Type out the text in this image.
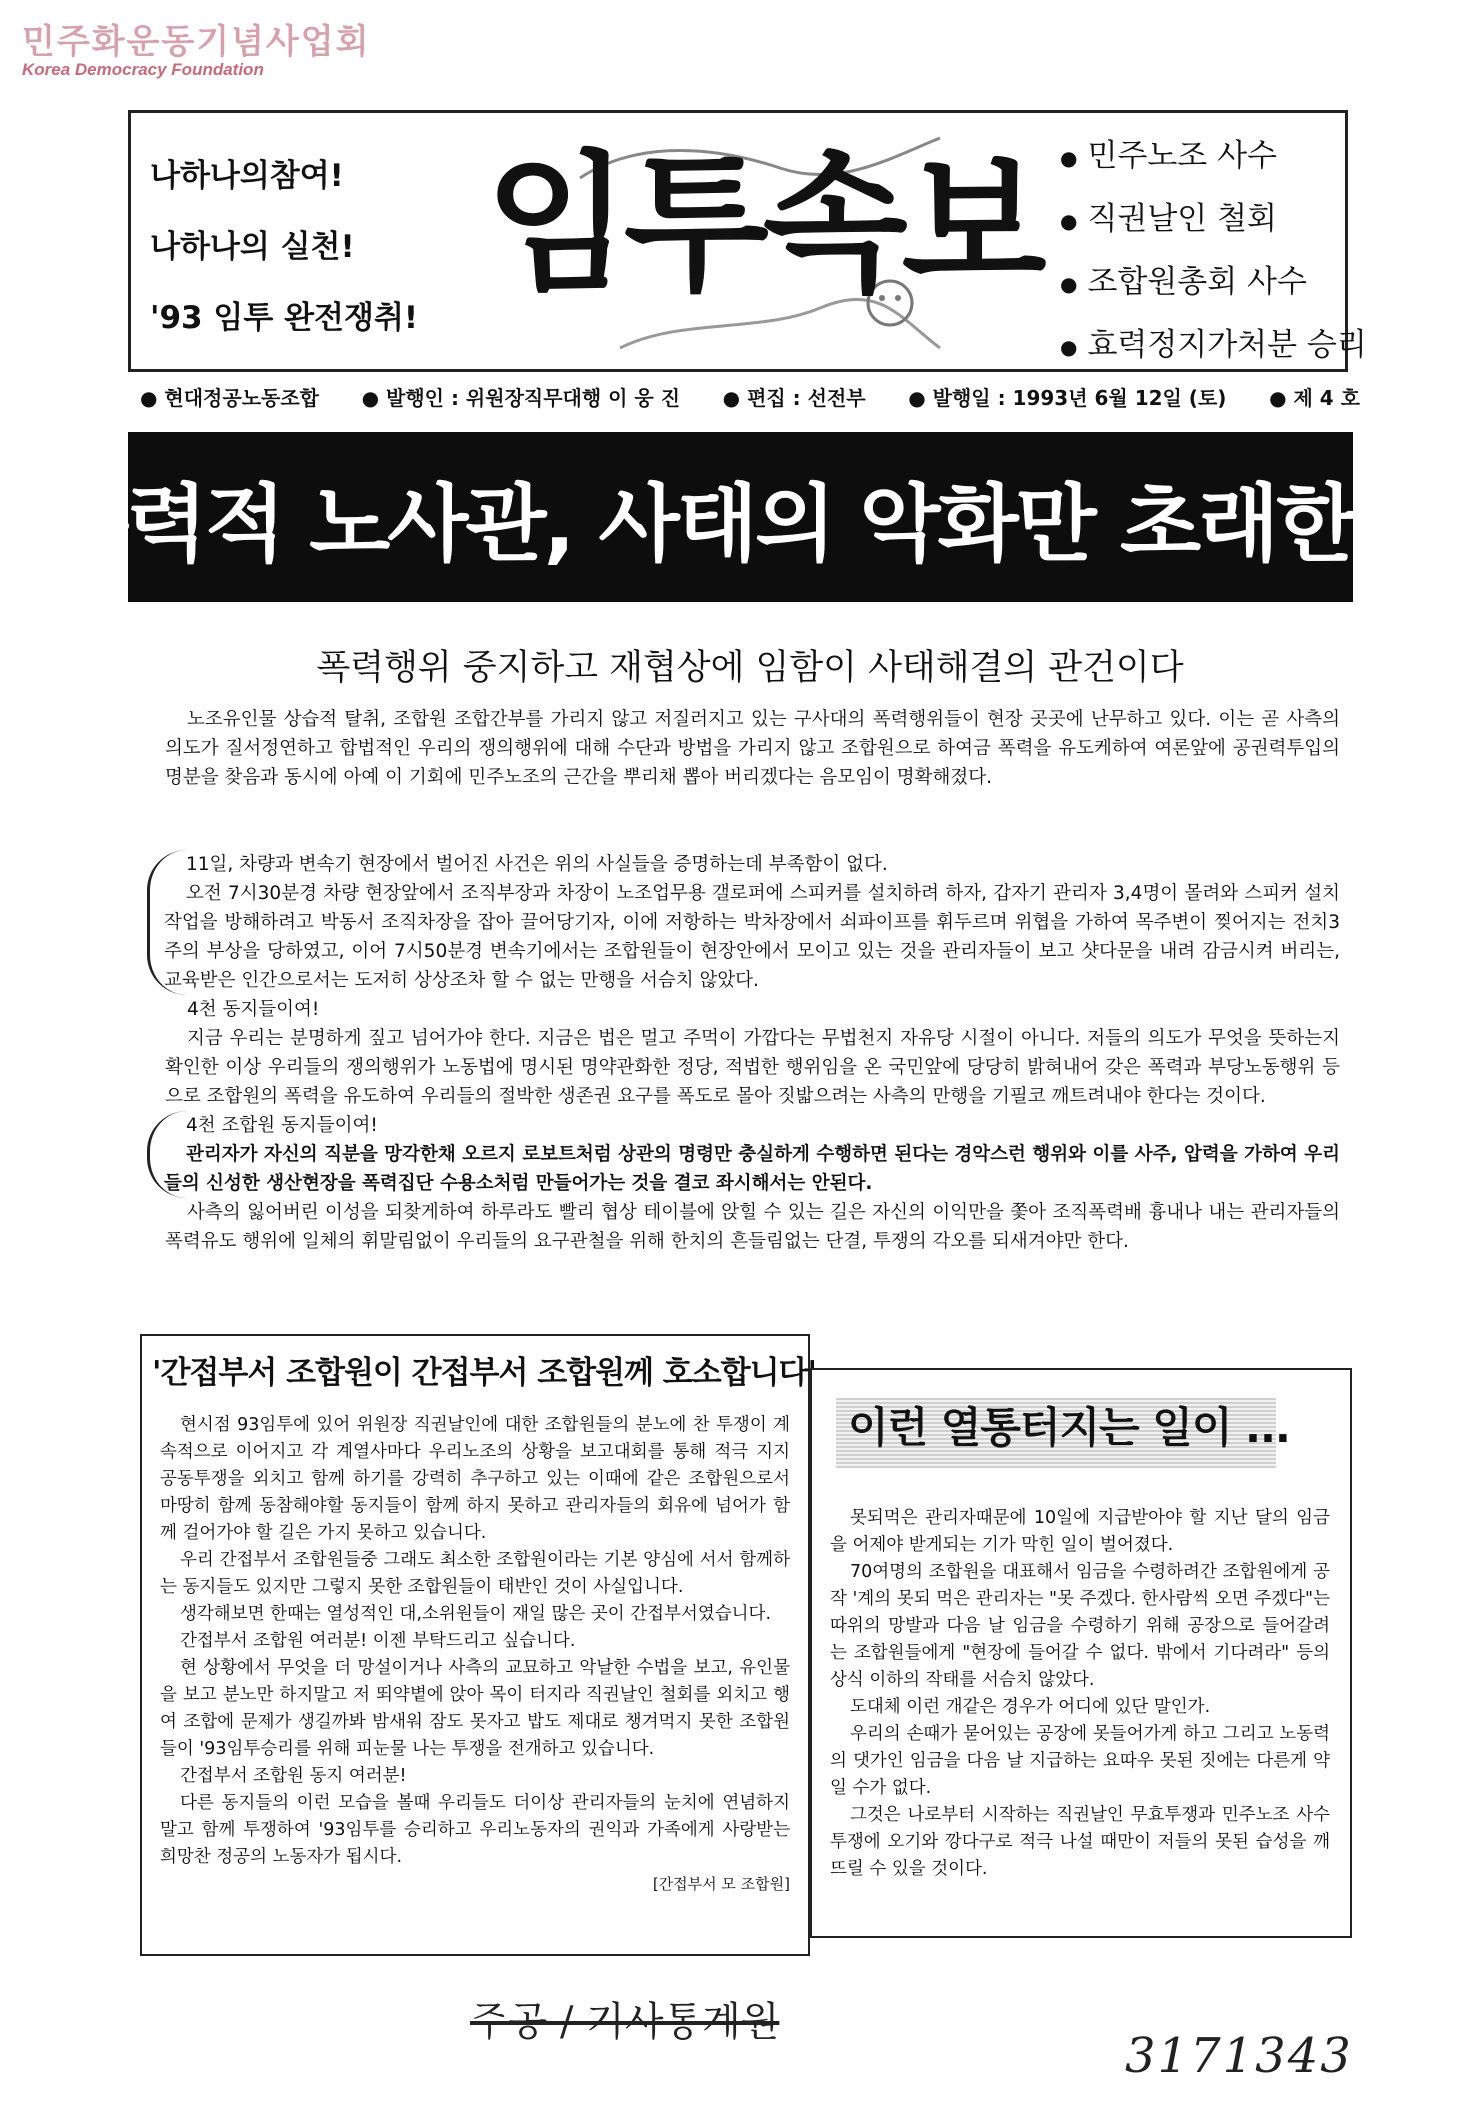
민주화운동기념사업회
Korea Democracy Foundation
나하나의참여!
나하나의 실천!
'93 임투 완전쟁취!
임투속보 ● 민주노조 사수
● 직권날인 철회
● 조합원총회 사수
● 효력정지가처분 승리
● 현대정공노동조합 ● 발행인 : 위원장직무대행 이 웅 진 ● 편집 : 선전부 ● 발행일 : 1993년 6월 12일 (토) ● 제 4 호
폭력적 노사관, 사태의 악화만 초래한다
폭력행위 중지하고 재협상에 임함이 사태해결의 관건이다

노조유인물 상습적 탈취, 조합원 조합간부를 가리지 않고 저질러지고 있는 구사대의 폭력행위들이 현장 곳곳에 난무하고 있다. 이는 곧 사측의 의도가 질서정연하고 합법적인 우리의 쟁의행위에 대해 수단과 방법을 가리지 않고 조합원으로 하여금 폭력을 유도케하여 여론앞에 공권력투입의 명분을 찾음과 동시에 아예 이 기회에 민주노조의 근간을 뿌리채 뽑아 버리겠다는 음모임이 명확해졌다.

11일, 차량과 변속기 현장에서 벌어진 사건은 위의 사실들을 증명하는데 부족함이 없다.

오전 7시30분경 차량 현장앞에서 조직부장과 차장이 노조업무용 갤로퍼에 스피커를 설치하려 하자, 갑자기 관리자 3,4명이 몰려와 스피커 설치작업을 방해하려고 박동서 조직차장을 잡아 끌어당기자, 이에 저항하는 박차장에서 쇠파이프를 휘두르며 위협을 가하여 목주변이 찢어지는 전치3주의 부상을 당하였고, 이어 7시50분경 변속기에서는 조합원들이 현장안에서 모이고 있는 것을 관리자들이 보고 샷다문을 내려 감금시켜 버리는, 교육받은 인간으로서는 도저히 상상조차 할 수 없는 만행을 서슴치 않았다.

4천 동지들이여!

지금 우리는 분명하게 짚고 넘어가야 한다. 지금은 법은 멀고 주먹이 가깝다는 무법천지 자유당 시절이 아니다. 저들의 의도가 무엇을 뜻하는지 확인한 이상 우리들의 쟁의행위가 노동법에 명시된 명약관화한 정당, 적법한 행위임을 온 국민앞에 당당히 밝혀내어 갖은 폭력과 부당노동행위 등으로 조합원의 폭력을 유도하여 우리들의 절박한 생존권 요구를 폭도로 몰아 짓밟으려는 사측의 만행을 기필코 깨트려내야 한다는 것이다.

4천 조합원 동지들이여!

관리자가 자신의 직분을 망각한채 오르지 로보트처럼 상관의 명령만 충실하게 수행하면 된다는 경악스런 행위와 이를 사주, 압력을 가하여 우리들의 신성한 생산현장을 폭력집단 수용소처럼 만들어가는 것을 결코 좌시해서는 안된다.

사측의 잃어버린 이성을 되찾게하여 하루라도 빨리 협상 테이블에 앉힐 수 있는 길은 자신의 이익만을 쫓아 조직폭력배 흉내나 내는 관리자들의 폭력유도 행위에 일체의 휘말림없이 우리들의 요구관철을 위해 한치의 흔들림없는 단결, 투쟁의 각오를 되새겨야만 한다.

'간접부서 조합원이 간접부서 조합원께 호소합니다'

현시점 93임투에 있어 위원장 직권날인에 대한 조합원들의 분노에 찬 투쟁이 계속적으로 이어지고 각 계열사마다 우리노조의 상황을 보고대회를 통해 적극 지지 공동투쟁을 외치고 함께 하기를 강력히 추구하고 있는 이때에 같은 조합원으로서 마땅히 함께 동참해야할 동지들이 함께 하지 못하고 관리자들의 회유에 넘어가 함께 걸어가야 할 길은 가지 못하고 있습니다.

우리 간접부서 조합원들중 그래도 최소한 조합원이라는 기본 양심에 서서 함께하는 동지들도 있지만 그렇지 못한 조합원들이 태반인 것이 사실입니다.

생각해보면 한때는 열성적인 대,소위원들이 재일 많은 곳이 간접부서였습니다.

간접부서 조합원 여러분! 이젠 부탁드리고 싶습니다.

현 상황에서 무엇을 더 망설이거나 사측의 교묘하고 악날한 수법을 보고, 유인물을 보고 분노만 하지말고 저 뙤약볕에 앉아 목이 터지라 직권날인 철회를 외치고 행여 조합에 문제가 생길까봐 밤새워 잠도 못자고 밥도 제대로 챙겨먹지 못한 조합원들이 '93임투승리를 위해 피눈물 나는 투쟁을 전개하고 있습니다.

간접부서 조합원 동지 여러분!

다른 동지들의 이런 모습을 볼때 우리들도 더이상 관리자들의 눈치에 연념하지 말고 함께 투쟁하여 '93임투를 승리하고 우리노동자의 권익과 가족에게 사랑받는 희망찬 정공의 노동자가 됩시다.

[간접부서 모 조합원]
이런 열통터지는 일이 ...

못되먹은 관리자때문에 10일에 지급받아야 할 지난 달의 임금을 어제야 받게되는 기가 막힌 일이 벌어졌다.

70여명의 조합원을 대표해서 임금을 수령하려간 조합원에게 공작 '계의 못되 먹은 관리자는 "못 주겠다. 한사람씩 오면 주겠다"는 따위의 망발과 다음 날 임금을 수령하기 위해 공장으로 들어갈려는 조합원들에게 "현장에 들어갈 수 없다. 밖에서 기다려라" 등의 상식 이하의 작태를 서슴치 않았다.

도대체 이런 개같은 경우가 어디에 있단 말인가.

우리의 손때가 묻어있는 공장에 못들어가게 하고 그리고 노동력의 댓가인 임금을 다음 날 지급하는 요따우 못된 짓에는 다른게 약일 수가 없다.

그것은 나로부터 시작하는 직권날인 무효투쟁과 민주노조 사수투쟁에 오기와 깡다구로 적극 나설 때만이 저들의 못된 습성을 깨뜨릴 수 있을 것이다.

주공 / 기사통계원
3171343
